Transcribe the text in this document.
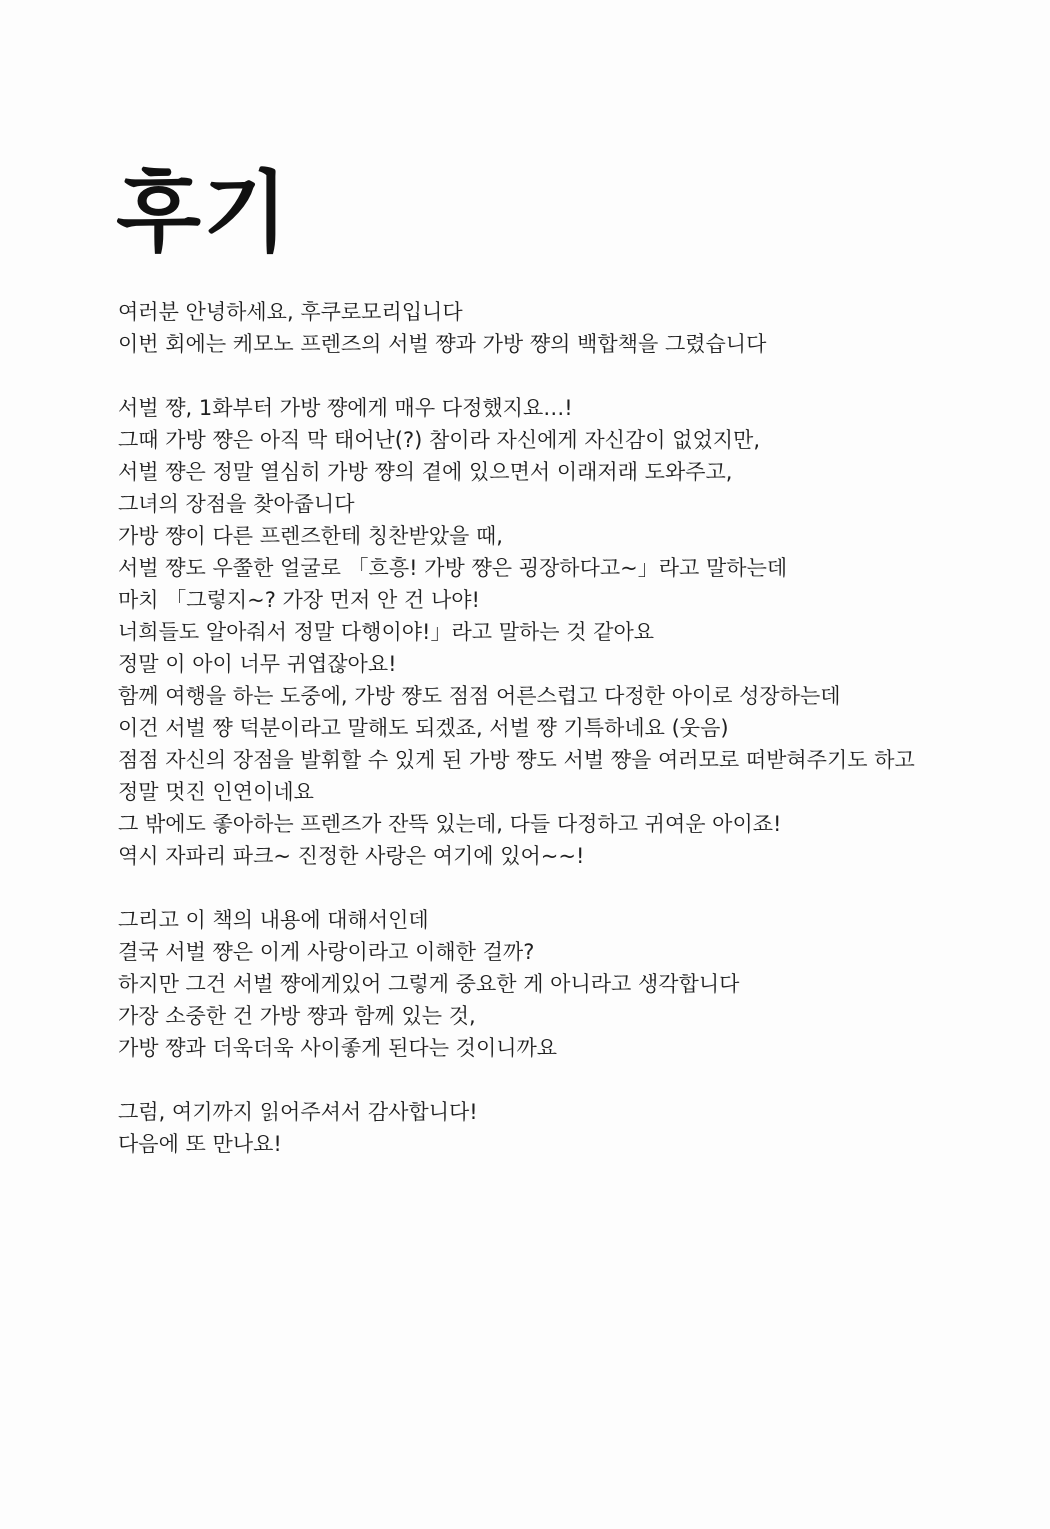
후기
여러분 안녕하세요, 후쿠로모리입니다
이번 회에는 케모노 프렌즈의 서벌 쨩과 가방 쨩의 백합책을 그렸습니다
서벌 쨩, 1화부터 가방 쨩에게 매우 다정했지요…!
그때 가방 쨩은 아직 막 태어난(?) 참이라 자신에게 자신감이 없었지만,
서벌 쨩은 정말 열심히 가방 쨩의 곁에 있으면서 이래저래 도와주고,
그녀의 장점을 찾아줍니다
가방 쨩이 다른 프렌즈한테 칭찬받았을 때,
서벌 쨩도 우쭐한 얼굴로 「흐흥! 가방 쨩은 굉장하다고~」라고 말하는데
마치 「그렇지~? 가장 먼저 안 건 나야!
너희들도 알아줘서 정말 다행이야!」라고 말하는 것 같아요
정말 이 아이 너무 귀엽잖아요!
함께 여행을 하는 도중에, 가방 쨩도 점점 어른스럽고 다정한 아이로 성장하는데
이건 서벌 쨩 덕분이라고 말해도 되겠죠, 서벌 쨩 기특하네요 (웃음)
점점 자신의 장점을 발휘할 수 있게 된 가방 쨩도 서벌 쨩을 여러모로 떠받혀주기도 하고
정말 멋진 인연이네요
그 밖에도 좋아하는 프렌즈가 잔뜩 있는데, 다들 다정하고 귀여운 아이죠!
역시 자파리 파크~ 진정한 사랑은 여기에 있어~~!
그리고 이 책의 내용에 대해서인데
결국 서벌 쨩은 이게 사랑이라고 이해한 걸까?
하지만 그건 서벌 쨩에게있어 그렇게 중요한 게 아니라고 생각합니다
가장 소중한 건 가방 쨩과 함께 있는 것,
가방 쨩과 더욱더욱 사이좋게 된다는 것이니까요
그럼, 여기까지 읽어주셔서 감사합니다!
다음에 또 만나요!
